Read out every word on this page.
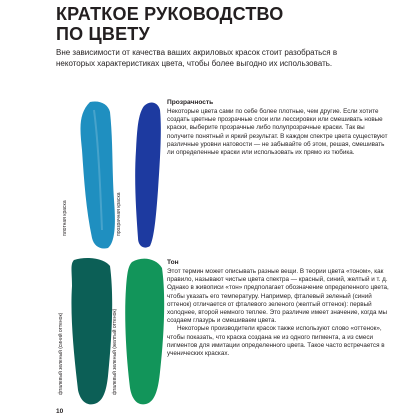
КРАТКОЕ РУКОВОДСТВО
ПО ЦВЕТУ

Вне зависимости от качества ваших акриловых красок стоит разобраться в некоторых характеристиках цвета, чтобы более выгодно их использовать.

плотная краска	прозрачная краска
фталевый зеленый (синий оттенок)	фталевый зеленый (желтый оттенок)
Прозрачность

Некоторые цвета сами по себе более плотные, чем другие. Если хотите создать цветные прозрачные слои или лессировки или смешивать новые краски, выберите прозрачные либо полупрозрачные краски. Так вы получите понятный и яркий результат. В каждом спектре цвета существуют различные уровни натовости — не забывайте об этом, решая, смешивать ли определенные краски или использовать их прямо из тюбика.

Тон

Этот термин может описывать разные вещи. В теории цвета «тоном», как правило, называют чистые цвета спектра — красный, синий, желтый и т. д. Однако в живописи «тон» предполагает обозначение определенного цвета, чтобы указать его температуру. Например, фталевый зеленый (синий оттенок) отличается от фталевого зеленого (желтый оттенок): первый холоднее, второй немного теплее. Это различие имеет значение, когда мы создаем глазурь и смешиваем цвета.

Некоторые производители красок также используют слово «оттенок», чтобы показать, что краска создана не из одного пигмента, а из смеси пигментов для имитации определенного цвета. Такое часто встречается в ученических красках.

10
